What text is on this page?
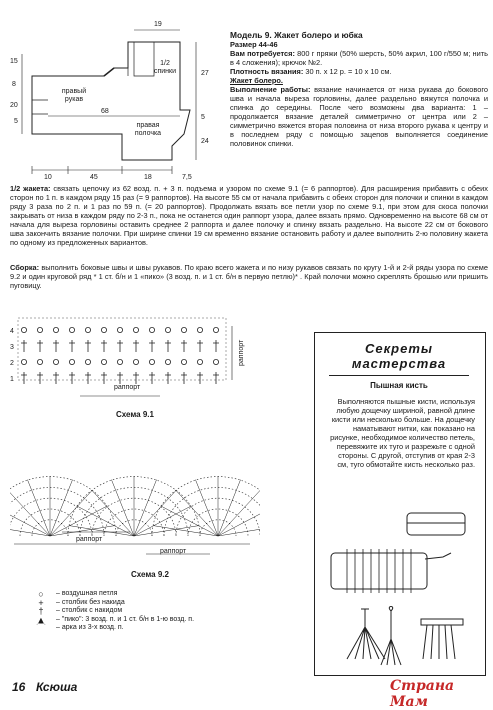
19
15
8
27
20
5
68
5
24
10	45	18	7,5
1/2 спинки
правый рукав
правая полочка
Модель 9. Жакет болеро и юбка
Размер 44-46
Вам потребуется: 800 г пряжи (50% шерсть, 50% акрил, 100 г/550 м; нить в 4 сложения); крючок №2.
Плотность вязания: 30 п. х 12 р. = 10 х 10 см.
Жакет болеро.
Выполнение работы: вязание начинается от низа рукава до бокового шва и начала выреза горловины, далее раздельно вяжутся полочка и спинка до середины. После чего возможны два варианта: 1 – продолжается вязание деталей симметрично от центра или 2 – симметрично вяжется вторая половина от низа второго рукава к центру и в последнем ряду с помощью зацепов выполняется соединение половинок спинки.
1/2 жакета: связать цепочку из 62 возд. п. + 3 п. подъема и узором по схеме 9.1 (= 6 раппортов). Для расширения прибавить с обеих сторон по 1 п. в каждом ряду 15 раз (= 9 раппортов). На высоте 55 см от начала прибавить с обеих сторон для полочки и спинки в каждом ряду 3 раза по 2 п. и 1 раз по 59 п. (= 20 раппортов). Продолжать вязать все петли узор по схеме 9.1, при этом для скоса полочки закрывать от низа в каждом ряду по 2-3 п., пока не останется один раппорт узора, далее вязать прямо. Одновременно на высоте 68 см от начала для выреза горловины оставить среднее 2 раппорта и далее полочку и спинку вязать раздельно. На высоте 22 см от бокового шва закончить вязание полочки. При ширине спинки 19 см временно вязание остановить работу и далее выполнить 2-ю половину жакета по одному из предложенных вариантов.
Сборка: выполнить боковые швы и швы рукавов. По краю всего жакета и по низу рукавов связать по кругу 1-й и 2-й ряды узора по схеме 9.2 и один круговой ряд * 1 ст. б/н и 1 «пико» (3 возд. п. и 1 ст. б/н в первую петлю)* . Край полочки можно скреплять брошью или пришить пуговицу.
4
3
2
1
раппорт
раппорт
Схема 9.1
раппорт
раппорт
Схема 9.2
○	– воздушная петля
+	– столбик без накида
†	– столбик с накидом
▲	– "пико": 3 возд. п. и 1 ст. б/н в 1-ю возд. п.
⌒	– арка из 3-х возд. п.
Секреты мастерства
Пышная кисть
Выполняются пышные кисти, используя любую дощечку шириной, равной длине кисти или несколько больше. На дощечку наматывают нитки, как показано на рисунке, необходимое количество петель, перевяжите их туго и разрежьте с одной стороны. С другой, отступив от края 2-3 см, туго обмотайте кисть несколько раз.
16 Ксюша	Страна Мам
